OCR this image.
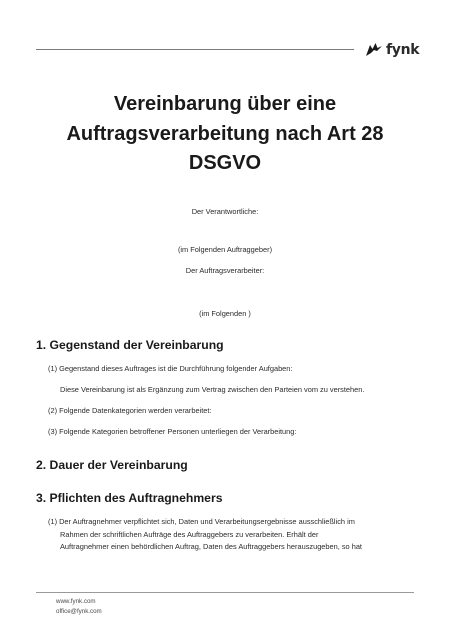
fynk
Vereinbarung über eine
Auftragsverarbeitung nach Art 28
DSGVO
Der Verantwortliche:
(im Folgenden Auftraggeber)
Der Auftragsverarbeiter:
(im Folgenden )
1. Gegenstand der Vereinbarung
(1) Gegenstand dieses Auftrages ist die Durchführung folgender Aufgaben:
Diese Vereinbarung ist als Ergänzung zum Vertrag zwischen den Parteien vom zu verstehen.
(2) Folgende Datenkategorien werden verarbeitet:
(3) Folgende Kategorien betroffener Personen unterliegen der Verarbeitung:
2. Dauer der Vereinbarung
3. Pflichten des Auftragnehmers
(1) Der Auftragnehmer verpflichtet sich, Daten und Verarbeitungsergebnisse ausschließlich im
Rahmen der schriftlichen Aufträge des Auftraggebers zu verarbeiten. Erhält der
Auftragnehmer einen behördlichen Auftrag, Daten des Auftraggebers herauszugeben, so hat
www.fynk.com
office@fynk.com
